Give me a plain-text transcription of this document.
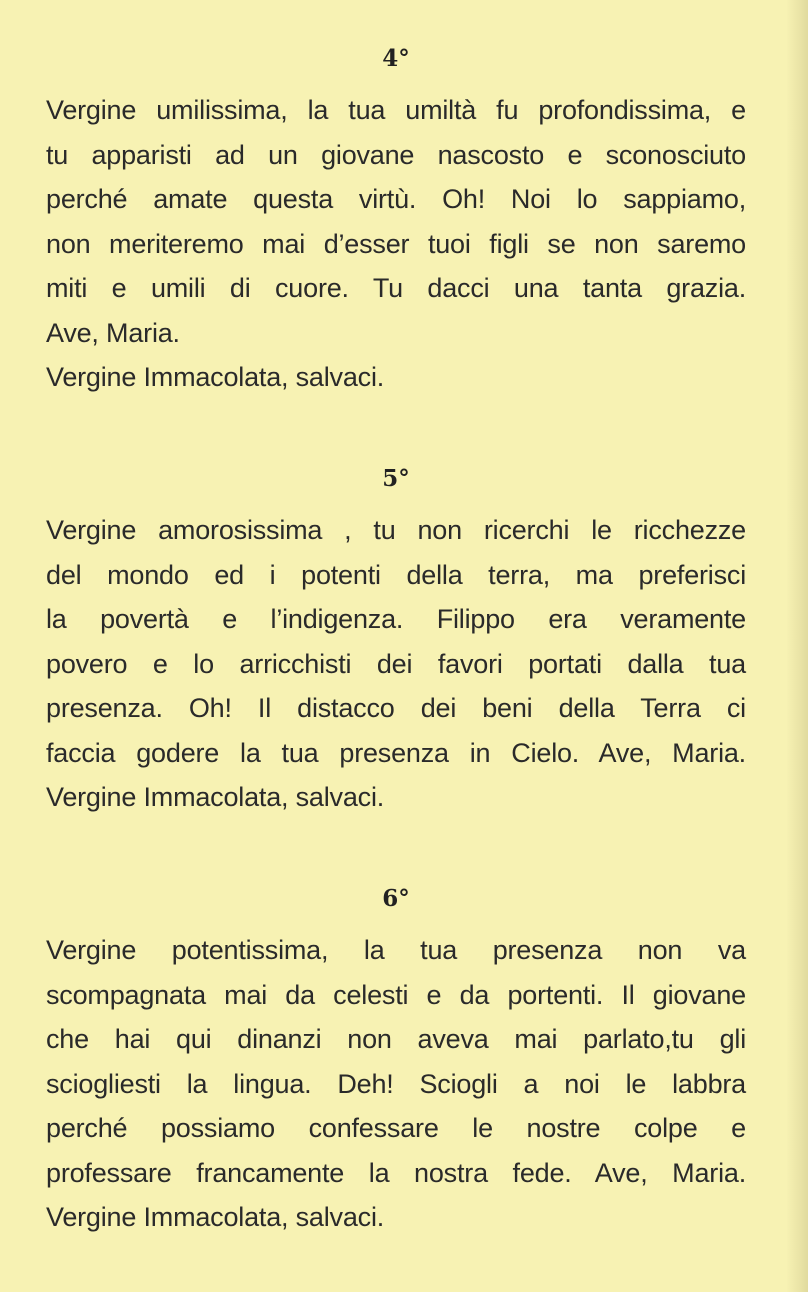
4°
Vergine umilissima, la tua umiltà fu profondissima, e
tu apparisti ad un giovane nascosto e sconosciuto
perché amate questa virtù. Oh! Noi lo sappiamo,
non meriteremo mai d’esser tuoi figli se non saremo
miti e umili di cuore. Tu dacci una tanta grazia.
Ave, Maria.
Vergine Immacolata, salvaci.
5°
Vergine amorosissima , tu non ricerchi le ricchezze
del mondo ed i potenti della terra, ma preferisci
la povertà e l’indigenza. Filippo era veramente
povero e lo arricchisti dei favori portati dalla tua
presenza. Oh! Il distacco dei beni della Terra ci
faccia godere la tua presenza in Cielo. Ave, Maria.
Vergine Immacolata, salvaci.
6°
Vergine potentissima, la tua presenza non va
scompagnata mai da celesti e da portenti. Il giovane
che hai qui dinanzi non aveva mai parlato,tu gli
sciogliesti la lingua. Deh! Sciogli a noi le labbra
perché possiamo confessare le nostre colpe e
professare francamente la nostra fede. Ave, Maria.
Vergine Immacolata, salvaci.
